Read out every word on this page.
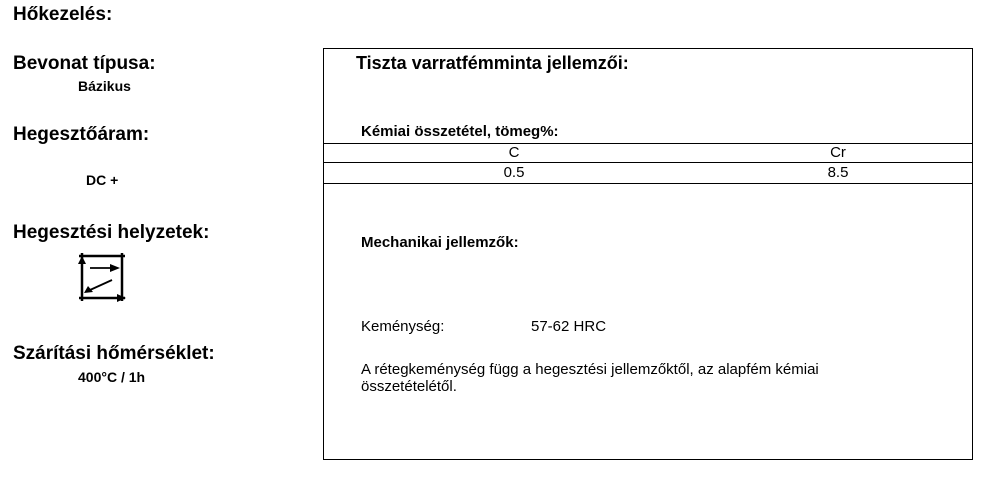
Hőkezelés:
Bevonat típusa:
Bázikus
Hegesztőáram:
DC +
Hegesztési helyzetek:
Szárítási hőmérséklet:
400°C / 1h
Tiszta varratfémminta jellemzői:
Kémiai összetétel, tömeg%:
C	Cr
0.5	8.5
Mechanikai jellemzők:
Keménység:	57-62 HRC
A rétegkeménység függ a hegesztési jellemzőktől, az alapfém kémiai összetételétől.
